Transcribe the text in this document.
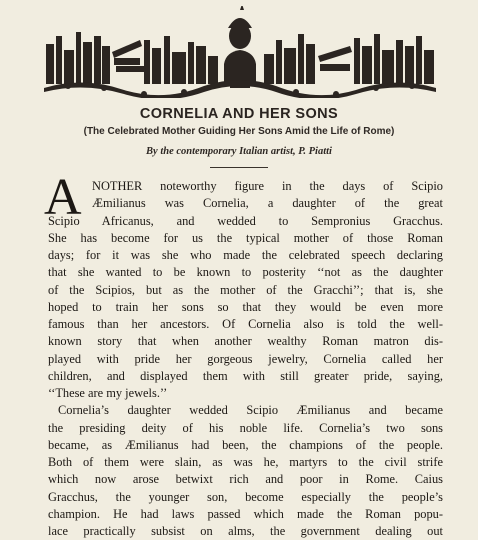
CORNELIA AND HER SONS
(The Celebrated Mother Guiding Her Sons Amid the Life of Rome)
By the contemporary Italian artist, P. Piatti
A NOTHER noteworthy figure in the days of Scipio
Æmilianus was Cornelia, a daughter of the great
Scipio Africanus, and wedded to Sempronius Gracchus.
She has become for us the typical mother of those Roman
days; for it was she who made the celebrated speech declaring
that she wanted to be known to posterity ‘‘not as the daughter
of the Scipios, but as the mother of the Gracchi’’; that is, she
hoped to train her sons so that they would be even more
famous than her ancestors. Of Cornelia also is told the well-
known story that when another wealthy Roman matron dis-
played with pride her gorgeous jewelry, Cornelia called her
children, and displayed them with still greater pride, saying,
‘‘These are my jewels.’’
Cornelia’s daughter wedded Scipio Æmilianus and became
the presiding deity of his noble life. Cornelia’s two sons
became, as Æmilianus had been, the champions of the people.
Both of them were slain, as was he, martyrs to the civil strife
which now arose betwixt rich and poor in Rome. Caius
Gracchus, the younger son, become especially the people’s
champion. He had laws passed which made the Roman popu-
lace practically subsist on alms, the government dealing out
